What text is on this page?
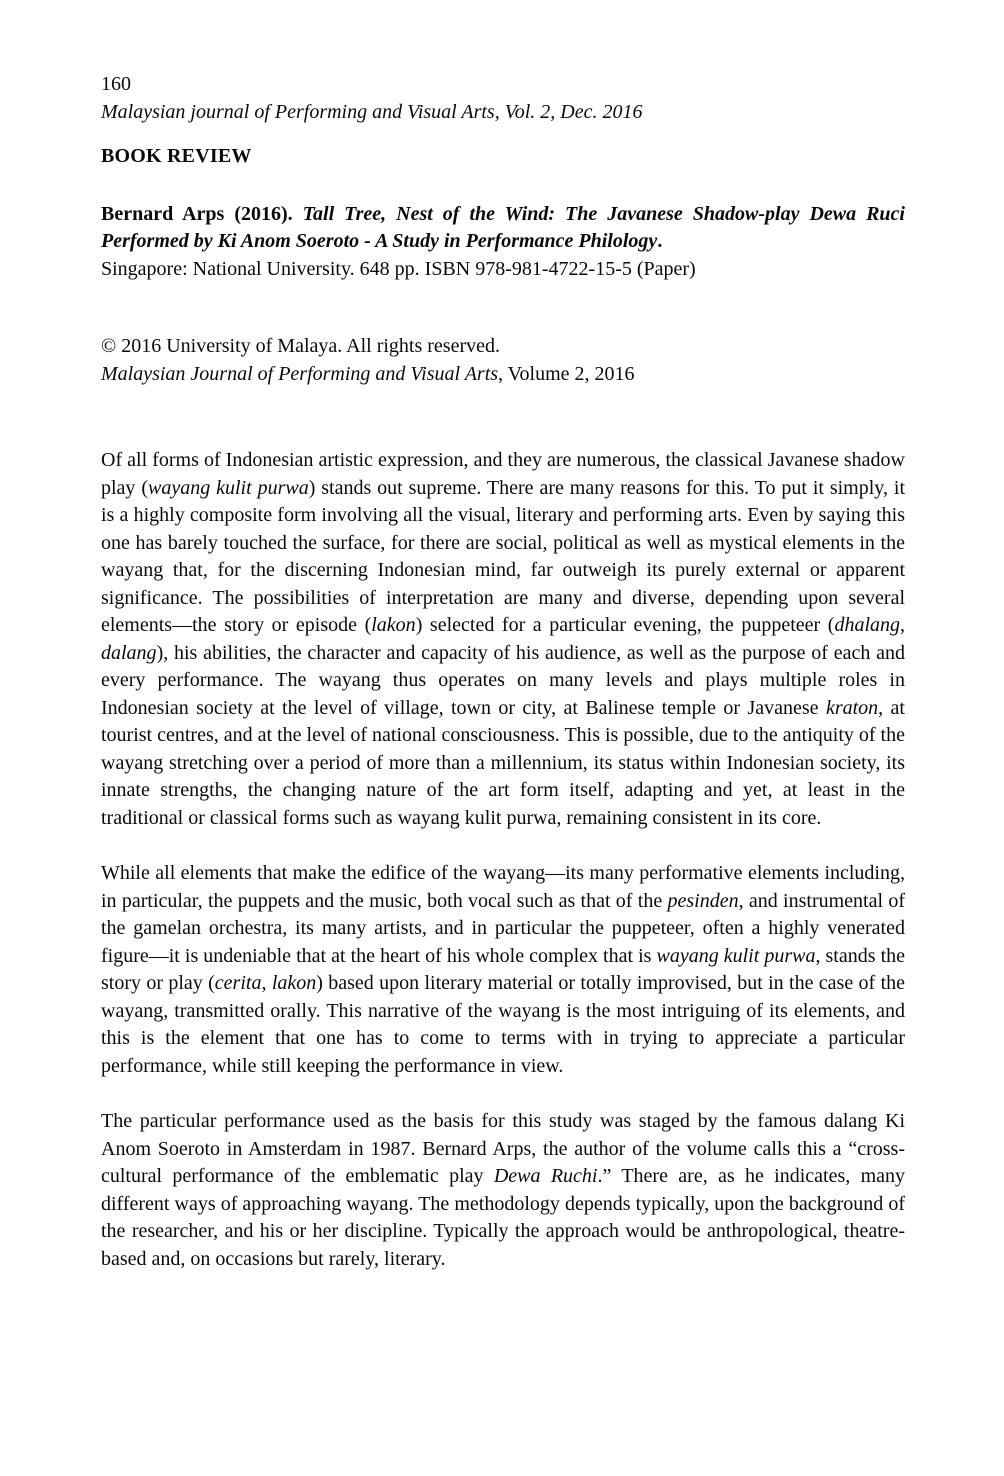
160
Malaysian journal of Performing and Visual Arts, Vol. 2, Dec. 2016
BOOK REVIEW

Bernard Arps (2016). Tall Tree, Nest of the Wind: The Javanese Shadow-play Dewa Ruci Performed by Ki Anom Soeroto - A Study in Performance Philology.

Singapore: National University. 648 pp. ISBN 978-981-4722-15-5 (Paper)

© 2016 University of Malaya. All rights reserved.

Malaysian Journal of Performing and Visual Arts, Volume 2, 2016

Of all forms of Indonesian artistic expression, and they are numerous, the classical Javanese shadow play (wayang kulit purwa) stands out supreme. There are many reasons for this. To put it simply, it is a highly composite form involving all the visual, literary and performing arts. Even by saying this one has barely touched the surface, for there are social, political as well as mystical elements in the wayang that, for the discerning Indonesian mind, far outweigh its purely external or apparent significance. The possibilities of interpretation are many and diverse, depending upon several elements—the story or episode (lakon) selected for a particular evening, the puppeteer (dhalang, dalang), his abilities, the character and capacity of his audience, as well as the purpose of each and every performance. The wayang thus operates on many levels and plays multiple roles in Indonesian society at the level of village, town or city, at Balinese temple or Javanese kraton, at tourist centres, and at the level of national consciousness. This is possible, due to the antiquity of the wayang stretching over a period of more than a millennium, its status within Indonesian society, its innate strengths, the changing nature of the art form itself, adapting and yet, at least in the traditional or classical forms such as wayang kulit purwa, remaining consistent in its core.

While all elements that make the edifice of the wayang—its many performative elements including, in particular, the puppets and the music, both vocal such as that of the pesinden, and instrumental of the gamelan orchestra, its many artists, and in particular the puppeteer, often a highly venerated figure—it is undeniable that at the heart of his whole complex that is wayang kulit purwa, stands the story or play (cerita, lakon) based upon literary material or totally improvised, but in the case of the wayang, transmitted orally. This narrative of the wayang is the most intriguing of its elements, and this is the element that one has to come to terms with in trying to appreciate a particular performance, while still keeping the performance in view.

The particular performance used as the basis for this study was staged by the famous dalang Ki Anom Soeroto in Amsterdam in 1987. Bernard Arps, the author of the volume calls this a “cross-cultural performance of the emblematic play Dewa Ruchi.” There are, as he indicates, many different ways of approaching wayang. The methodology depends typically, upon the background of the researcher, and his or her discipline. Typically the approach would be anthropological, theatre-based and, on occasions but rarely, literary.
